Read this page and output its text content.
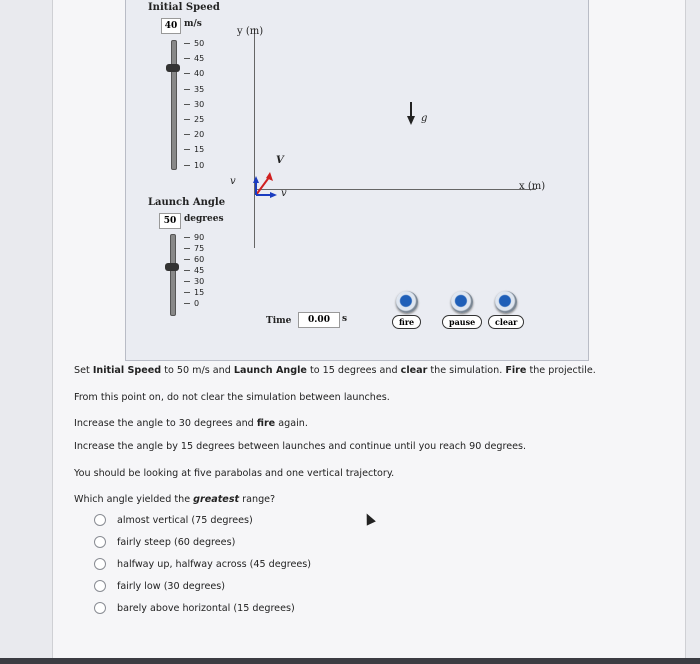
Initial Speed
40 m/s
50
45
40
35
30
25
20
15
10
Launch Angle
50 degrees
90
75
60
45
30
15
0
y (m)
x (m)
V
v
v
g
Time	0.00	s	fire	pause	clear

Set Initial Speed to 50 m/s and Launch Angle to 15 degrees and clear the simulation. Fire the projectile.

From this point on, do not clear the simulation between launches.

Increase the angle to 30 degrees and fire again.

Increase the angle by 15 degrees between launches and continue until you reach 90 degrees.

You should be looking at five parabolas and one vertical trajectory.

Which angle yielded the greatest range?

almost vertical (75 degrees)
fairly steep (60 degrees)
halfway up, halfway across (45 degrees)
fairly low (30 degrees)
barely above horizontal (15 degrees)
